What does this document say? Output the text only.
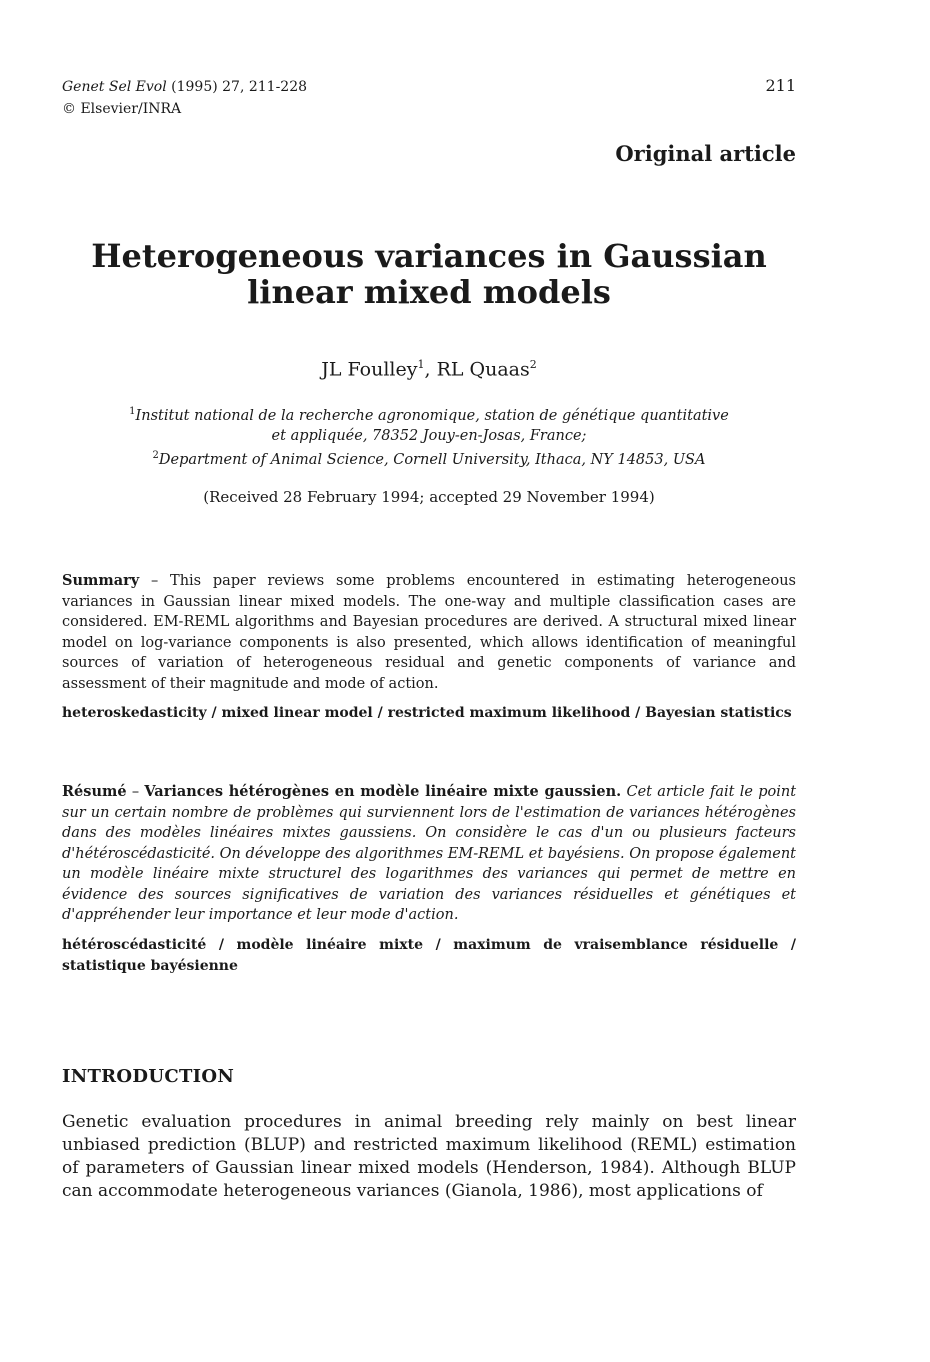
Genet Sel Evol (1995) 27, 211-228
© Elsevier/INRA
211
Original article
Heterogeneous variances in Gaussian
linear mixed models
JL Foulley$^1$, RL Quaas$^2$
$^1$Institut national de la recherche agronomique, station de génétique quantitative
et appliquée, 78352 Jouy-en-Josas, France;
$^2$Department of Animal Science, Cornell University, Ithaca, NY 14853, USA
(Received 28 February 1994; accepted 29 November 1994)
Summary – This paper reviews some problems encountered in estimating heterogeneous variances in Gaussian linear mixed models. The one-way and multiple classification cases are considered. EM-REML algorithms and Bayesian procedures are derived. A structural mixed linear model on log-variance components is also presented, which allows identification of meaningful sources of variation of heterogeneous residual and genetic components of variance and assessment of their magnitude and mode of action.
heteroskedasticity / mixed linear model / restricted maximum likelihood / Bayesian statistics
Résumé – Variances hétérogènes en modèle linéaire mixte gaussien. Cet article fait le point sur un certain nombre de problèmes qui surviennent lors de l'estimation de variances hétérogènes dans des modèles linéaires mixtes gaussiens. On considère le cas d'un ou plusieurs facteurs d'hétéroscédasticité. On développe des algorithmes EM-REML et bayésiens. On propose également un modèle linéaire mixte structurel des logarithmes des variances qui permet de mettre en évidence des sources significatives de variation des variances résiduelles et génétiques et d'appréhender leur importance et leur mode d'action.
hétéroscédasticité / modèle linéaire mixte / maximum de vraisemblance résiduelle / statistique bayésienne
INTRODUCTION
Genetic evaluation procedures in animal breeding rely mainly on best linear unbiased prediction (BLUP) and restricted maximum likelihood (REML) estimation of parameters of Gaussian linear mixed models (Henderson, 1984). Although BLUP can accommodate heterogeneous variances (Gianola, 1986), most applications of
